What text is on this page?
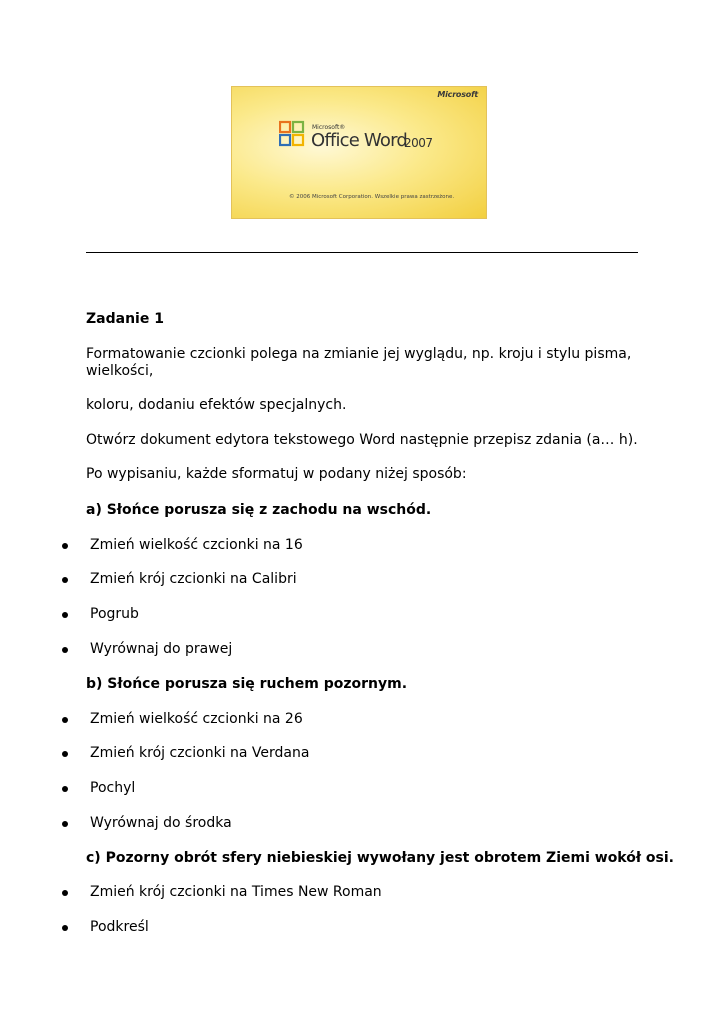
Microsoft
Microsoft®
Office Word
2007
© 2006 Microsoft Corporation. Wszelkie prawa zastrzeżone.
Zadanie 1
Formatowanie czcionki polega na zmianie jej wyglądu, np. kroju i stylu pisma,
wielkości,
koloru, dodaniu efektów specjalnych.
Otwórz dokument edytora tekstowego Word następnie przepisz zdania (a… h).
Po wypisaniu, każde sformatuj w podany niżej sposób:
a) Słońce porusza się z zachodu na wschód.
Zmień wielkość czcionki na 16
Zmień krój czcionki na Calibri
Pogrub
Wyrównaj do prawej
b) Słońce porusza się ruchem pozornym.
Zmień wielkość czcionki na 26
Zmień krój czcionki na Verdana
Pochyl
Wyrównaj do środka
c) Pozorny obrót sfery niebieskiej wywołany jest obrotem Ziemi wokół osi.
Zmień krój czcionki na Times New Roman
Podkreśl
